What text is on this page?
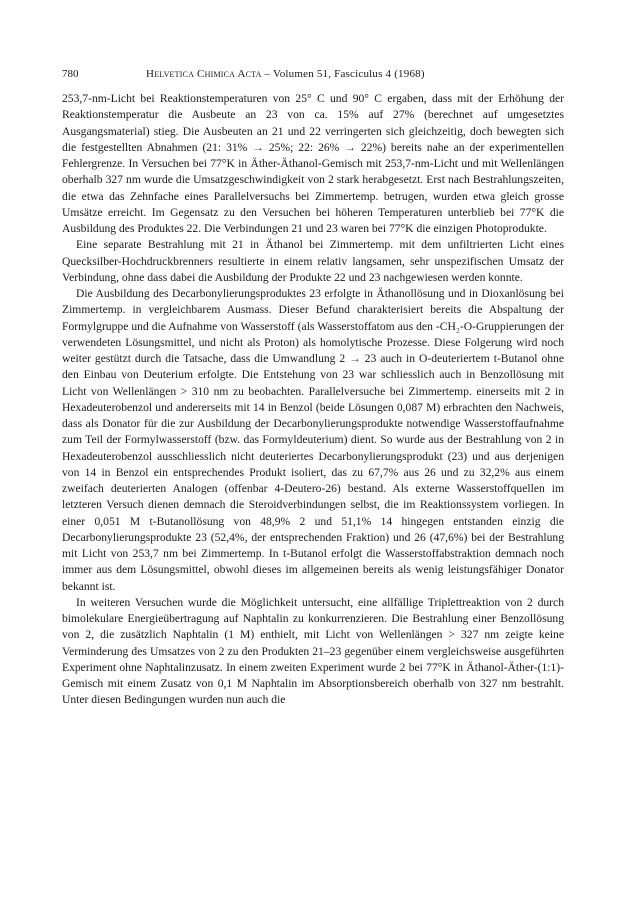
780	Helvetica Chimica Acta – Volumen 51, Fasciculus 4 (1968)

253,7-nm-Licht bei Reaktionstemperaturen von 25° C und 90° C ergaben, dass mit der Erhöhung der Reaktionstemperatur die Ausbeute an 23 von ca. 15% auf 27% (berechnet auf umgesetztes Ausgangsmaterial) stieg. Die Ausbeuten an 21 und 22 verringerten sich gleichzeitig, doch bewegten sich die festgestellten Abnahmen (21: 31% → 25%; 22: 26% → 22%) bereits nahe an der experimentellen Fehlergrenze. In Versuchen bei 77°K in Äther-Äthanol-Gemisch mit 253,7-nm-Licht und mit Wellenlängen oberhalb 327 nm wurde die Umsatzgeschwindigkeit von 2 stark herabgesetzt. Erst nach Bestrahlungszeiten, die etwa das Zehnfache eines Parallelversuchs bei Zimmertemp. betrugen, wurden etwa gleich grosse Umsätze erreicht. Im Gegensatz zu den Versuchen bei höheren Temperaturen unterblieb bei 77°K die Ausbildung des Produktes 22. Die Verbindungen 21 und 23 waren bei 77°K die einzigen Photoprodukte.

Eine separate Bestrahlung mit 21 in Äthanol bei Zimmertemp. mit dem unfiltrierten Licht eines Quecksilber-Hochdruckbrenners resultierte in einem relativ langsamen, sehr unspezifischen Umsatz der Verbindung, ohne dass dabei die Ausbildung der Produkte 22 und 23 nachgewiesen werden konnte.

Die Ausbildung des Decarbonylierungsproduktes 23 erfolgte in Äthanollösung und in Dioxanlösung bei Zimmertemp. in vergleichbarem Ausmass. Dieser Befund charakterisiert bereits die Abspaltung der Formylgruppe und die Aufnahme von Wasserstoff (als Wasserstoffatom aus den -CH₂-O-Gruppierungen der verwendeten Lösungsmittel, und nicht als Proton) als homolytische Prozesse. Diese Folgerung wird noch weiter gestützt durch die Tatsache, dass die Umwandlung 2 → 23 auch in O-deuteriertem t-Butanol ohne den Einbau von Deuterium erfolgte. Die Entstehung von 23 war schliesslich auch in Benzollösung mit Licht von Wellenlängen > 310 nm zu beobachten. Parallelversuche bei Zimmertemp. einerseits mit 2 in Hexadeuterobenzol und andererseits mit 14 in Benzol (beide Lösungen 0,087 M) erbrachten den Nachweis, dass als Donator für die zur Ausbildung der Decarbonylierungsprodukte notwendige Wasserstoffaufnahme zum Teil der Formylwasserstoff (bzw. das Formyldeuterium) dient. So wurde aus der Bestrahlung von 2 in Hexadeuterobenzol ausschliesslich nicht deuteriertes Decarbonylierungsprodukt (23) und aus derjenigen von 14 in Benzol ein entsprechendes Produkt isoliert, das zu 67,7% aus 26 und zu 32,2% aus einem zweifach deuterierten Analogen (offenbar 4-Deutero-26) bestand. Als externe Wasserstoffquellen im letzteren Versuch dienen demnach die Steroidverbindungen selbst, die im Reaktionssystem vorliegen. In einer 0,051 M t-Butanollösung von 48,9% 2 und 51,1% 14 hingegen entstanden einzig die Decarbonylierungsprodukte 23 (52,4%, der entsprechenden Fraktion) und 26 (47,6%) bei der Bestrahlung mit Licht von 253,7 nm bei Zimmertemp. In t-Butanol erfolgt die Wasserstoffabstraktion demnach noch immer aus dem Lösungsmittel, obwohl dieses im allgemeinen bereits als wenig leistungsfähiger Donator bekannt ist.

In weiteren Versuchen wurde die Möglichkeit untersucht, eine allfällige Triplettreaktion von 2 durch bimolekulare Energieübertragung auf Naphtalin zu konkurrenzieren. Die Bestrahlung einer Benzollösung von 2, die zusätzlich Naphtalin (1 M) enthielt, mit Licht von Wellenlängen > 327 nm zeigte keine Verminderung des Umsatzes von 2 zu den Produkten 21–23 gegenüber einem vergleichsweise ausgeführten Experiment ohne Naphtalinzusatz. In einem zweiten Experiment wurde 2 bei 77°K in Äthanol-Äther-(1:1)-Gemisch mit einem Zusatz von 0,1 M Naphtalin im Absorptionsbereich oberhalb von 327 nm bestrahlt. Unter diesen Bedingungen wurden nun auch die
